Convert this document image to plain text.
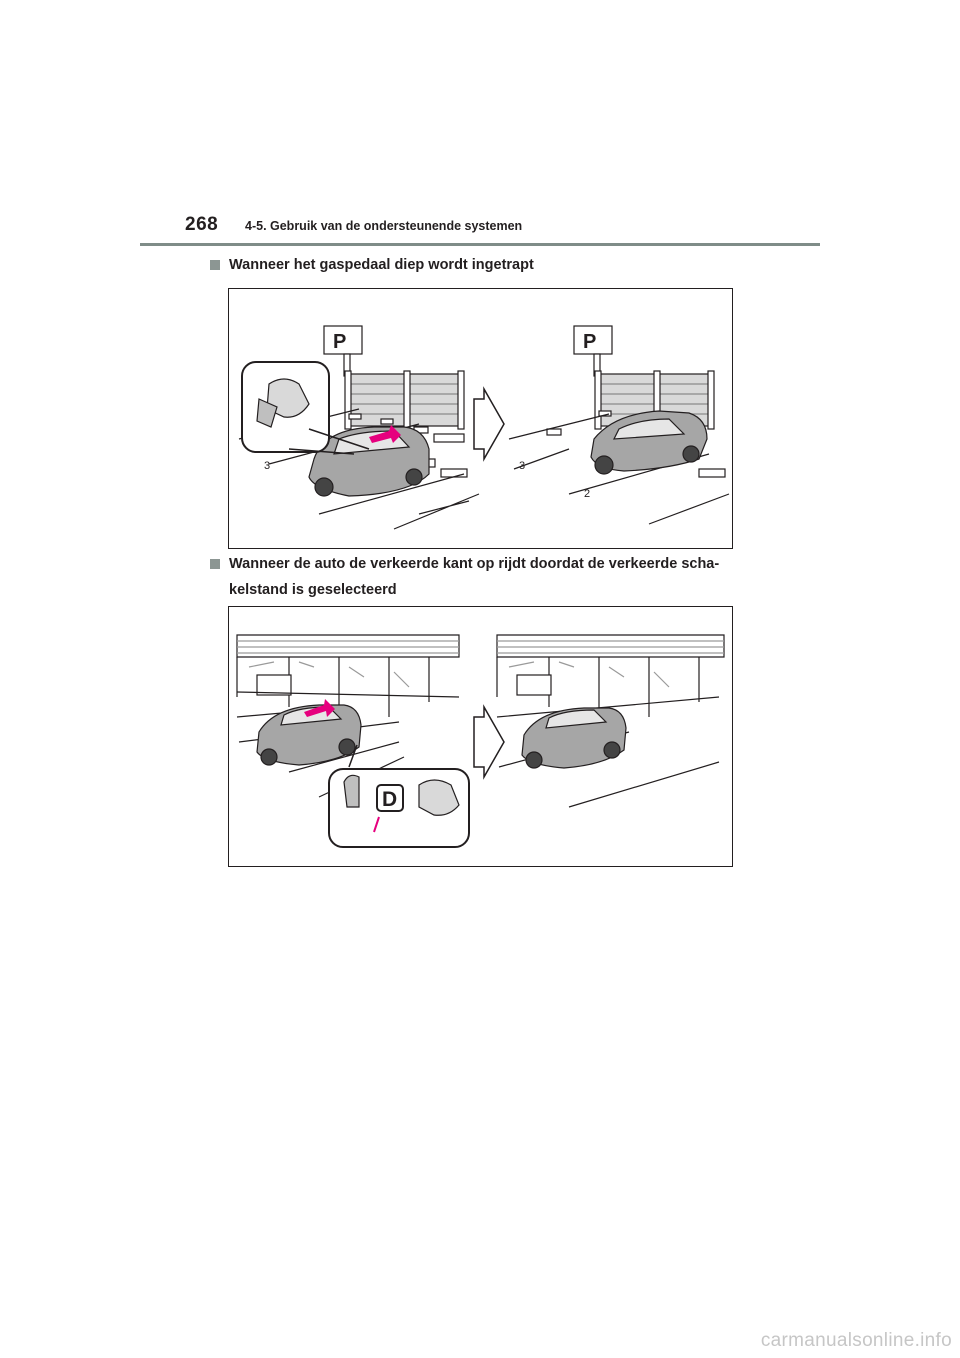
268 4-5. Gebruik van de ondersteunende systemen
Wanneer het gaspedaal diep wordt ingetrapt
P
3
P
3
2
Wanneer de auto de verkeerde kant op rijdt doordat de verkeerde scha-
kelstand is geselecteerd
D
carmanualsonline.info
